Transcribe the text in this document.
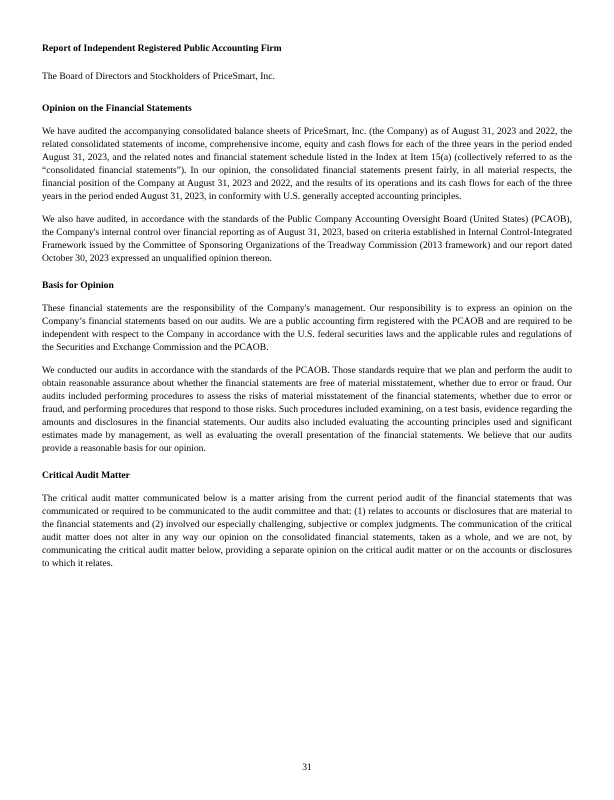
Report of Independent Registered Public Accounting Firm

The Board of Directors and Stockholders of PriceSmart, Inc.

Opinion on the Financial Statements

We have audited the accompanying consolidated balance sheets of PriceSmart, Inc. (the Company) as of August 31, 2023 and 2022, the related consolidated statements of income, comprehensive income, equity and cash flows for each of the three years in the period ended August 31, 2023, and the related notes and financial statement schedule listed in the Index at Item 15(a) (collectively referred to as the “consolidated financial statements”). In our opinion, the consolidated financial statements present fairly, in all material respects, the financial position of the Company at August 31, 2023 and 2022, and the results of its operations and its cash flows for each of the three years in the period ended August 31, 2023, in conformity with U.S. generally accepted accounting principles.

We also have audited, in accordance with the standards of the Public Company Accounting Oversight Board (United States) (PCAOB), the Company's internal control over financial reporting as of August 31, 2023, based on criteria established in Internal Control-Integrated Framework issued by the Committee of Sponsoring Organizations of the Treadway Commission (2013 framework) and our report dated October 30, 2023 expressed an unqualified opinion thereon.

Basis for Opinion

These financial statements are the responsibility of the Company's management. Our responsibility is to express an opinion on the Company’s financial statements based on our audits. We are a public accounting firm registered with the PCAOB and are required to be independent with respect to the Company in accordance with the U.S. federal securities laws and the applicable rules and regulations of the Securities and Exchange Commission and the PCAOB.

We conducted our audits in accordance with the standards of the PCAOB. Those standards require that we plan and perform the audit to obtain reasonable assurance about whether the financial statements are free of material misstatement, whether due to error or fraud. Our audits included performing procedures to assess the risks of material misstatement of the financial statements, whether due to error or fraud, and performing procedures that respond to those risks. Such procedures included examining, on a test basis, evidence regarding the amounts and disclosures in the financial statements. Our audits also included evaluating the accounting principles used and significant estimates made by management, as well as evaluating the overall presentation of the financial statements. We believe that our audits provide a reasonable basis for our opinion.

Critical Audit Matter

The critical audit matter communicated below is a matter arising from the current period audit of the financial statements that was communicated or required to be communicated to the audit committee and that: (1) relates to accounts or disclosures that are material to the financial statements and (2) involved our especially challenging, subjective or complex judgments. The communication of the critical audit matter does not alter in any way our opinion on the consolidated financial statements, taken as a whole, and we are not, by communicating the critical audit matter below, providing a separate opinion on the critical audit matter or on the accounts or disclosures to which it relates.

31
